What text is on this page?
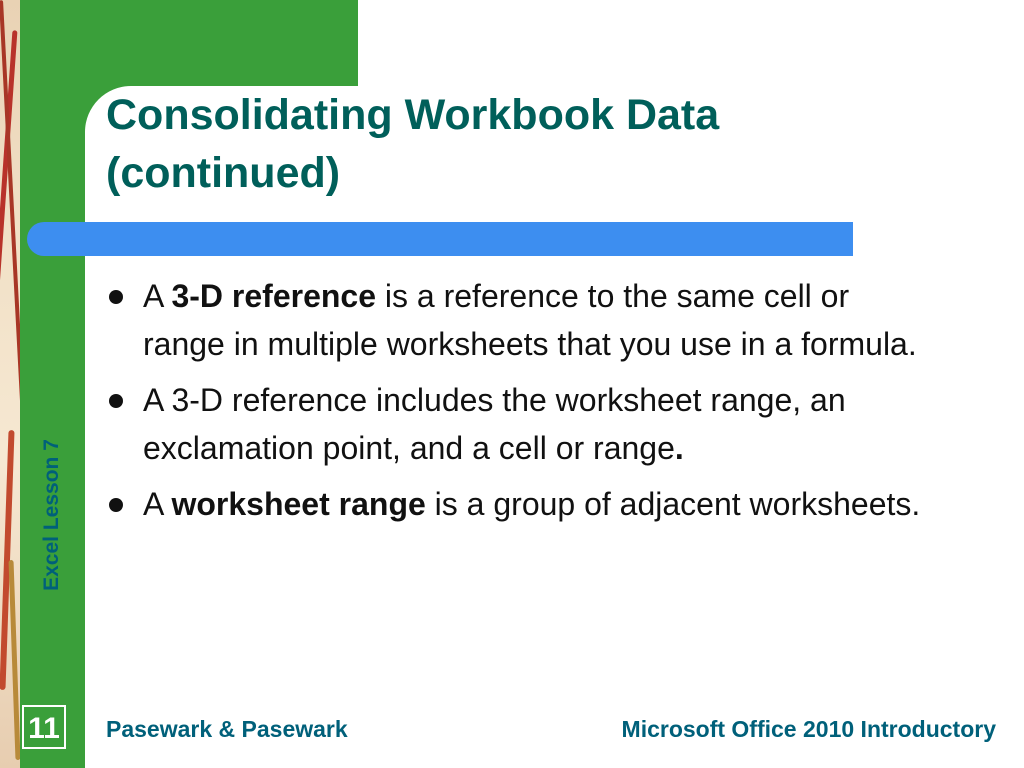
Consolidating Workbook Data
(continued)
A 3-D reference is a reference to the same cell or range in multiple worksheets that you use in a formula.
A 3-D reference includes the worksheet range, an exclamation point, and a cell or range.
A worksheet range is a group of adjacent worksheets.
Excel Lesson 7
11 Pasewark & Pasewark	Microsoft Office 2010 Introductory
